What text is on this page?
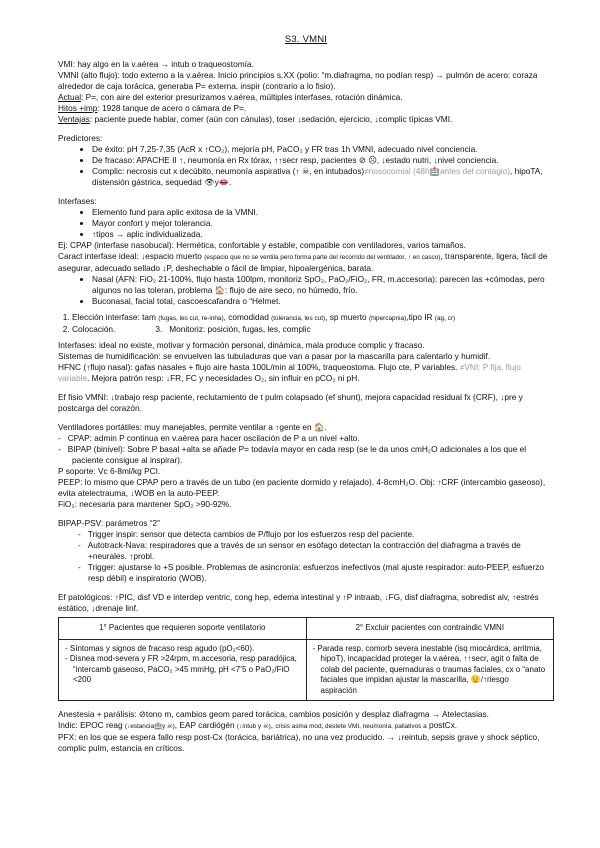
S3. VMNI

VMI: hay algo en la v.aérea → intub o traqueostomía.

VMNI (alto flujo): todo externo a la v.aérea. Inicio principios s.XX (polio: “m.diafragma, no podían resp) → pulmón de acero: coraza alrededor de caja torácica, generaba P= externa, inspir (contrario a lo fisio).

Actual: P=, con aire del exterior presurizamos v.aérea, múltiples interfases, rotación dinámica.

Hitos +imp: 1928 tanque de acero o cámara de P=.

Ventajas: paciente puede hablar, comer (aún con cánulas), toser ↓sedación, ejercicio, ↓complic típicas VMI.

Predictores:

• De éxito: pH 7,25-7,35 (AcR x ↑CO₂), mejoría pH, PaCO₂ y FR tras 1h VMNI, adecuado nivel conciencia.
• De fracaso: APACHE II ↑, neumonía en Rx tórax, ↑↑secr resp, pacientes ⊘ ☹, ↓estado nutri, ↓nivel conciencia.
• Complic: necrosis cut x decúbito, neumonía aspirativa (↑ ☠, en intubados)≠nosocomial (48h🏥antes del contagio), hipoTA, distensión gástrica, sequedad 👁y👄.

Interfases:

• Elemento fund para aplic exitosa de la VMNI.
• Mayor confort y mejor tolerancia.
• ↑tipos → aplic individualizada.

Ej: CPAP (interfase nasobucal): Hermética, confortable y estable, compatible con ventiladores, varios tamaños.

Caract interfase ideal: ↓espacio muerto (espacio que no se ventila pero forma parte del recorrido del ventilador, ↑ en casco), transparente, ligera, fácil de asegurar, adecuado sellado ↓P, deshechable o fácil de limpiar, hipoalergénica, barata.

• Nasal (AFN: FiO₂ 21-100%, flujo hasta 100lpm, monitoriz SpO₂, PaO₂/FiO₂, FR, m.accesoria): parecen las +cómodas, pero algunos no las toleran, problema 🏠: flujo de aire seco, no húmedo, frío.
• Buconasal, facial total, cascoescafandra o “Helmet.
1. Elección interfase: tam (fugas, les cut, re-inha), comodidad (tolerancia, les cut), sp muerto (hipercapnia),tipo IR (ag, cr)
2. Colocación.	3.   Monitoriz: posición, fugas, les, complic

Interfases: ideal no existe, motivar y formación personal, dinámica, mala produce complic y fracaso.

Sistemas de humidificación: se envuelven las tubuladuras que van a pasar por la mascarilla para calentarlo y humidif.

HFNC (↑flujo nasal): gafas nasales + flujo aire hasta 100L/min al 100%, traqueostoma. Flujo cte, P variables. ≠VNI: P fija, flujo variable. Mejora patrón resp: ↓FR, FC y necesidades O₂, sin influir en pCO₂ ni pH.

Ef fisio VMNI: ↓trabajo resp paciente, reclutamiento de t pulm colapsado (ef shunt), mejora capacidad residual fx (CRF), ↓pre y postcarga del corazón.

Ventiladores portátiles: muy manejables, permite ventilar a ↑gente en 🏠.

-   CPAP: admin P continua en v.aérea para hacer oscilación de P a un nivel +alto.

-   BIPAP (binivel): Sobre P basal +alta se añade P= todavía mayor en cada resp (se le da unos cmH₂O adicionales a los que el paciente consigue al inspirar).

P soporte: Vc 6-8ml/kg PCI.

PEEP: lo mismo que CPAP pero a través de un tubo (en paciente dormido y relajado). 4-8cmH₂O. Obj: ↑CRF (intercambio gaseoso), evita atelectrauma, ↓WOB en la auto-PEEP.

FiO₂: necesaria para mantener SpO₂ >90-92%.

BIPAP-PSV: parámetros “2”

-   Trigger inspir: sensor que detecta cambios de P/flujo por los esfuerzos resp del paciente.

-   Autotrack-Nava: respiradores que a través de un sensor en esófago detectan la contracción del diafragma a través de +neurales. ↑probl.

-   Trigger: ajustarse lo +S posible. Problemas de asincronía: esfuerzos inefectivos (mal ajuste respirador: auto-PEEP, esfuerzo resp débil) e inspiratorio (WOB).

Ef patológicos: ↑PIC, disf VD e interdep ventric, cong hep, edema intestinal y ↑P intraab, ↓FG, disf diafragma, sobredist alv, ↑estrés estático, ↓drenaje linf.

1° Pacientes que requieren soporte ventilatorio	2° Excluir pacientes con contraindic VMNI

- Síntomas y signos de fracaso resp agudo (pO₂<60).

- Disnea mod-severa y FR >24rpm, m.accesoria, resp paradójica, “intercamb gaseoso, PaCO₂ >45 mmHg, pH <7’5 o PaO₂/FiO <200	- Parada resp, comorb severa inestable (isq miocárdica, arritmia, hipoT), incapacidad proteger la v.aérea, ↑↑secr, agit o falta de colab del paciente, quemaduras o traumas faciales, cx o “anato faciales que impidan ajustar la mascarilla, 😟/↑riesgo aspiración

Anestesia + parálisis: ⊘tono m, cambios geom pared torácica, cambios posición y desplaz diafragma → Atelectasias.

Indic: EPOC reag (↓estancia🏥y ☠), EAP cardiógén (↓intub y ☠), crisis asma mod, destete VMI, neumonía, paliativos a postCx.

PFX: en los que se espera fallo resp post-Cx (torácica, bariátrica), no una vez producido. → ↓reintub, sepsis grave y shock séptico, complic pulm, estancia en críticos.
